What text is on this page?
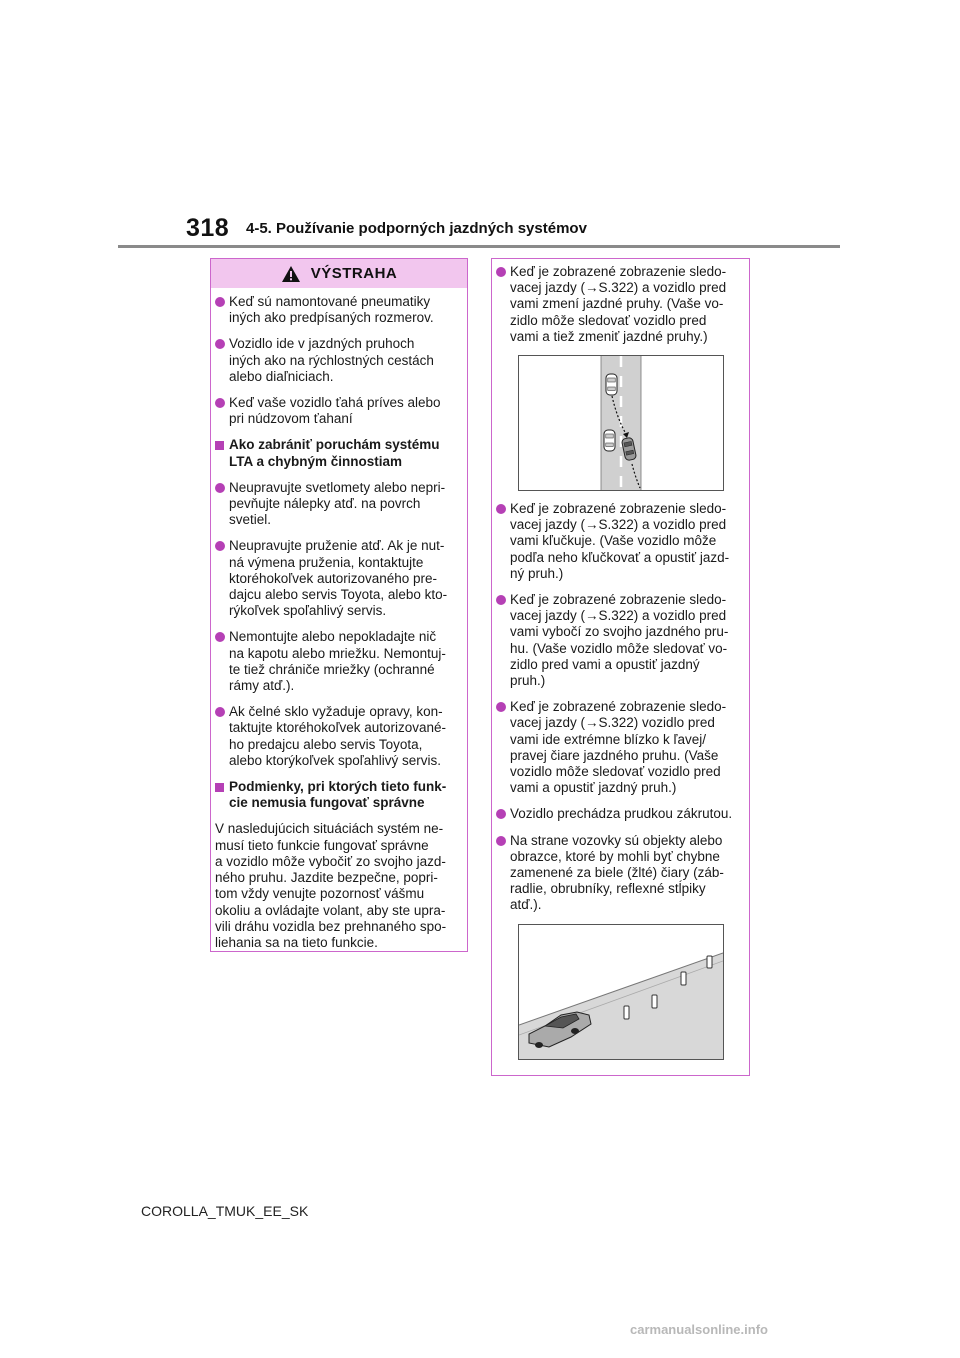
318 4-5. Používanie podporných jazdných systémov
VÝSTRAHA
Keď sú namontované pneumatiky
iných ako predpísaných rozmerov.
Vozidlo ide v jazdných pruhoch
iných ako na rýchlostných cestách
alebo diaľniciach.
Keď vaše vozidlo ťahá príves alebo
pri núdzovom ťahaní
Ako zabrániť poruchám systému
LTA a chybným činnostiam
Neupravujte svetlomety alebo nepri-
pevňujte nálepky atď. na povrch
svetiel.
Neupravujte pruženie atď. Ak je nut-
ná výmena pruženia, kontaktujte
ktoréhokoľvek autorizovaného pre-
dajcu alebo servis Toyota, alebo kto-
rýkoľvek spoľahlivý servis.
Nemontujte alebo nepokladajte nič
na kapotu alebo mriežku. Nemontuj-
te tiež chrániče mriežky (ochranné
rámy atď.).
Ak čelné sklo vyžaduje opravy, kon-
taktujte ktoréhokoľvek autorizované-
ho predajcu alebo servis Toyota,
alebo ktorýkoľvek spoľahlivý servis.
Podmienky, pri ktorých tieto funk-
cie nemusia fungovať správne

V nasledujúcich situáciách systém ne-
musí tieto funkcie fungovať správne
a vozidlo môže vybočiť zo svojho jazd-
ného pruhu. Jazdite bezpečne, popri-
tom vždy venujte pozornosť vášmu
okoliu a ovládajte volant, aby ste upra-
vili dráhu vozidla bez prehnaného spo-
liehania sa na tieto funkcie.

Keď je zobrazené zobrazenie sledo-
vacej jazdy (→S.322) a vozidlo pred
vami zmení jazdné pruhy. (Vaše vo-
zidlo môže sledovať vozidlo pred
vami a tiež zmeniť jazdné pruhy.)
Keď je zobrazené zobrazenie sledo-
vacej jazdy (→S.322) a vozidlo pred
vami kľučkuje. (Vaše vozidlo môže
podľa neho kľučkovať a opustiť jazd-
ný pruh.)
Keď je zobrazené zobrazenie sledo-
vacej jazdy (→S.322) a vozidlo pred
vami vybočí zo svojho jazdného pru-
hu. (Vaše vozidlo môže sledovať vo-
zidlo pred vami a opustiť jazdný
pruh.)
Keď je zobrazené zobrazenie sledo-
vacej jazdy (→S.322) vozidlo pred
vami ide extrémne blízko k ľavej/
pravej čiare jazdného pruhu. (Vaše
vozidlo môže sledovať vozidlo pred
vami a opustiť jazdný pruh.)
Vozidlo prechádza prudkou zákrutou.
Na strane vozovky sú objekty alebo
obrazce, ktoré by mohli byť chybne
zamenené za biele (žlté) čiary (záb-
radlie, obrubníky, reflexné stĺpiky
atď.).
COROLLA_TMUK_EE_SK
carmanualsonline.info
